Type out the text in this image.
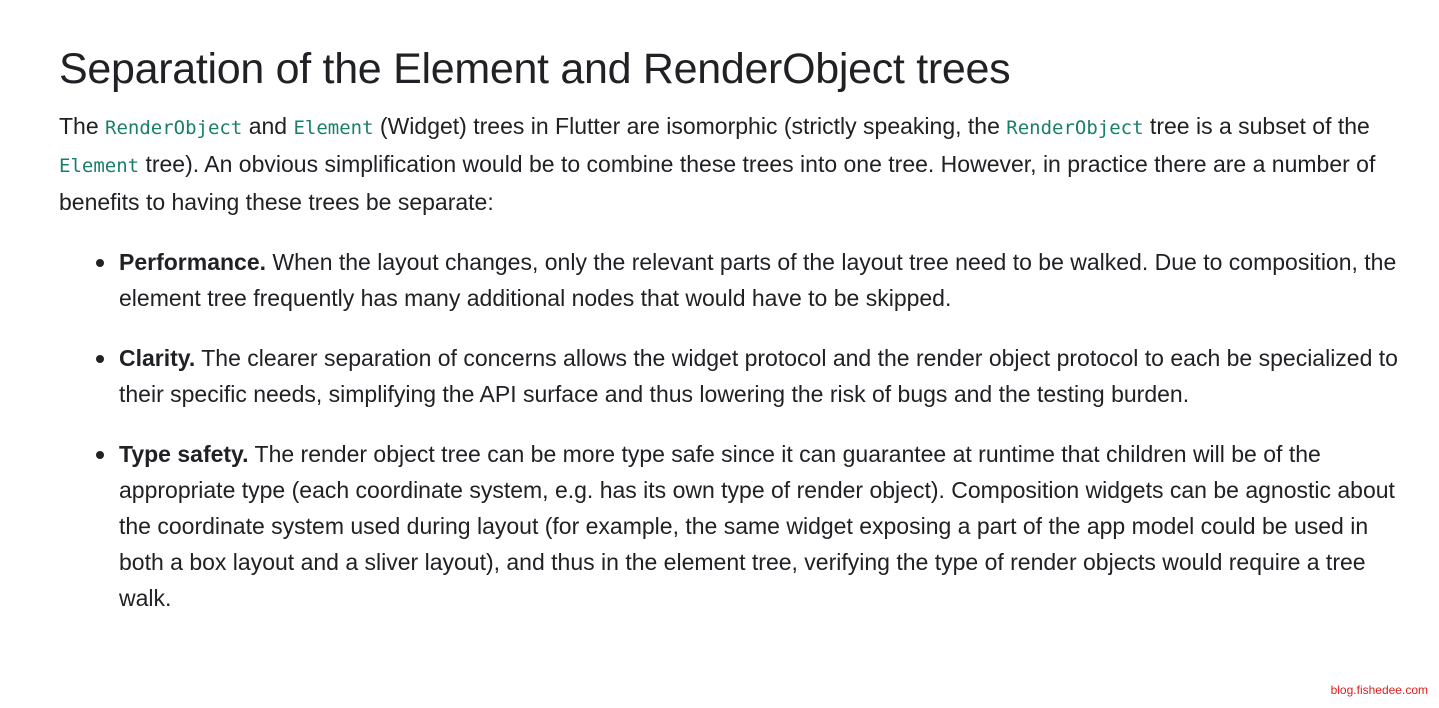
Separation of the Element and RenderObject trees

The RenderObject and Element (Widget) trees in Flutter are isomorphic (strictly speaking, the RenderObject tree is a subset of the Element tree). An obvious simplification would be to combine these trees into one tree. However, in practice there are a number of benefits to having these trees be separate:

Performance. When the layout changes, only the relevant parts of the layout tree need to be walked. Due to composition, the element tree frequently has many additional nodes that would have to be skipped.
Clarity. The clearer separation of concerns allows the widget protocol and the render object protocol to each be specialized to their specific needs, simplifying the API surface and thus lowering the risk of bugs and the testing burden.
Type safety. The render object tree can be more type safe since it can guarantee at runtime that children will be of the appropriate type (each coordinate system, e.g. has its own type of render object). Composition widgets can be agnostic about the coordinate system used during layout (for example, the same widget exposing a part of the app model could be used in both a box layout and a sliver layout), and thus in the element tree, verifying the type of render objects would require a tree walk.
blog.fishedee.com
